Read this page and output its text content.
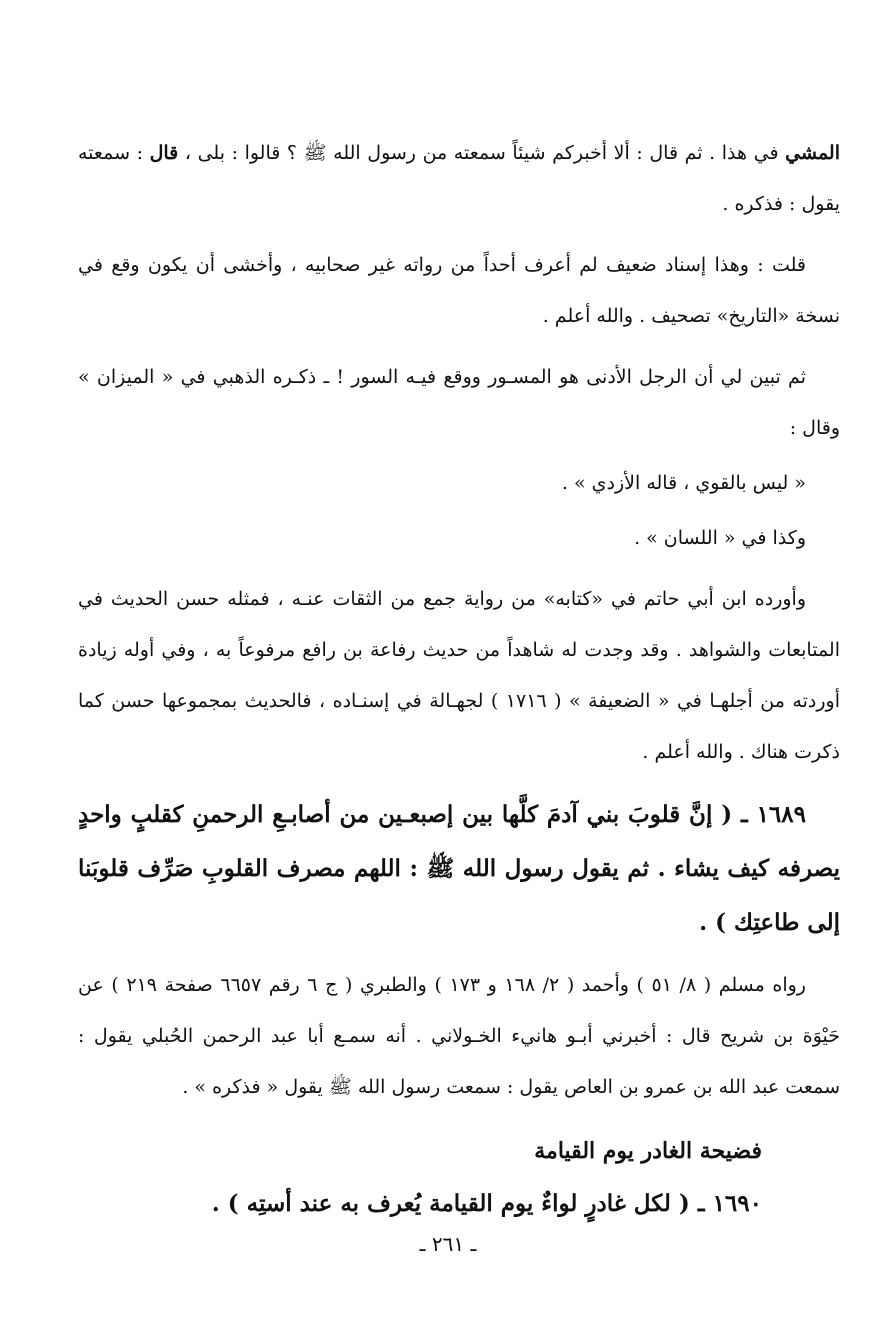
المشي في هذا . ثم قال : ألا أخبركم شيئاً سمعته من رسول الله ﷺ ؟ قالوا : بلى ، قال : سمعته يقول : فذكره .

قلت : وهذا إسناد ضعيف لم أعرف أحداً من رواته غير صحابيه ، وأخشى أن يكون وقع في نسخة «التاريخ» تصحيف . والله أعلم .

ثم تبين لي أن الرجل الأدنى هو المسـور ووقع فيـه السور ! ـ ذكـره الذهبي في « الميزان » وقال :

« ليس بالقوي ، قاله الأزدي » .

وكذا في « اللسان » .

وأورده ابن أبي حاتم في «كتابه» من رواية جمع من الثقات عنـه ، فمثله حسن الحديث في المتابعات والشواهد . وقد وجدت له شاهداً من حديث رفاعة بن رافع مرفوعاً به ، وفي أوله زيادة أوردته من أجلهـا في « الضعيفة » ( ١٧١٦ ) لجهـالة في إسنـاده ، فالحديث بمجموعها حسن كما ذكرت هناك . والله أعلم .

١٦٨٩ ـ ( إنَّ قلوبَ بني آدمَ كلَّها بين إصبعـين من أصابـعِ الرحمنِ كقلبٍ واحدٍ يصرفه كيف يشاء . ثم يقول رسول الله ﷺ : اللهم مصرف القلوبِ صَرِّف قلوبَنا إلى طاعتِك ) .

رواه مسلم ( ٨/ ٥١ ) وأحمد ( ٢/ ١٦٨ و ١٧٣ ) والطبري ( ج ٦ رقم ٦٦٥٧ صفحة ٢١٩ ) عن حَيْوَة بن شريح قال : أخبرني أبـو هانيء الخـولاني . أنه سمـع أبا عبد الرحمن الحُبلي يقول : سمعت عبد الله بن عمرو بن العاص يقول : سمعت رسول الله ﷺ يقول « فذكره » .

فضيحة الغادر يوم القيامة

١٦٩٠ ـ ( لكل غادرٍ لواءٌ يوم القيامة يُعرف به عند أستِه ) .

ـ ٢٦١ ـ
